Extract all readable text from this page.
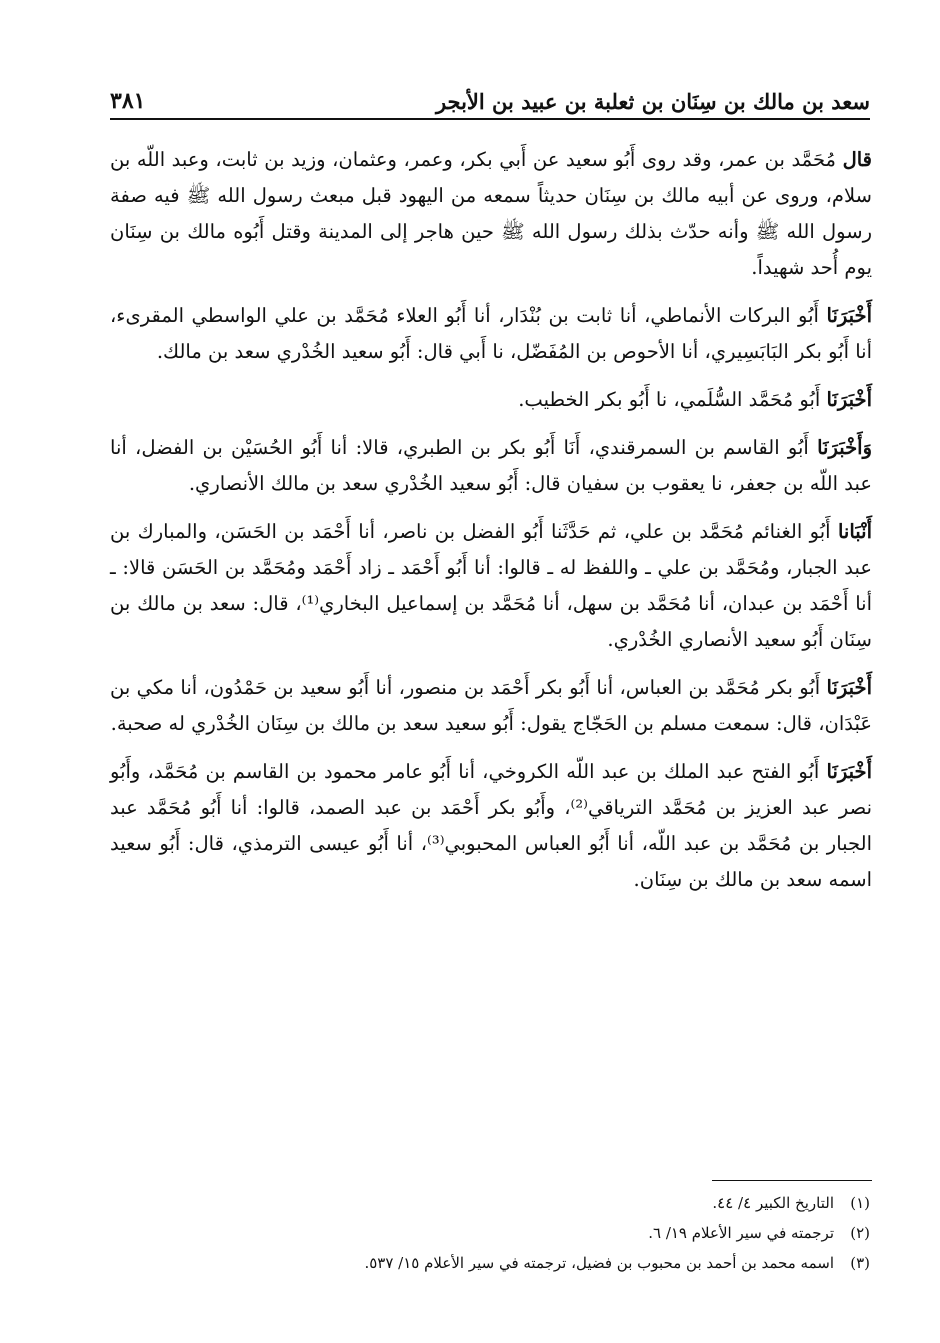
سعد بن مالك بن سِنَان بن ثعلبة بن عبيد بن الأبجر
٣٨١

قال مُحَمَّد بن عمر، وقد روى أَبُو سعيد عن أَبي بكر، وعمر، وعثمان، وزيد بن ثابت، وعبد اللّه بن سلام، وروى عن أبيه مالك بن سِنَان حديثاً سمعه من اليهود قبل مبعث رسول الله ﷺ فيه صفة رسول الله ﷺ وأنه حدّث بذلك رسول الله ﷺ حين هاجر إلى المدينة وقتل أَبُوه مالك بن سِنَان يوم أُحد شهيداً.

أَخْبَرَنَا أَبُو البركات الأنماطي، أنا ثابت بن بُنْدَار، أنا أَبُو العلاء مُحَمَّد بن علي الواسطي المقرىء، أنا أَبُو بكر البَابَسِيري، أنا الأحوص بن المُفَضّل، نا أَبي قال: أَبُو سعيد الخُدْري سعد بن مالك.

أَخْبَرَنَا أَبُو مُحَمَّد السُّلَمي، نا أَبُو بكر الخطيب.

وَأَخْبَرَنَا أَبُو القاسم بن السمرقندي، أَنَا أَبُو بكر بن الطبري، قالا: أنا أَبُو الحُسَيْن بن الفضل، أنا عبد اللّه بن جعفر، نا يعقوب بن سفيان قال: أَبُو سعيد الخُدْري سعد بن مالك الأنصاري.

أَنْبَانا أَبُو الغنائم مُحَمَّد بن علي، ثم حَدَّثَنا أَبُو الفضل بن ناصر، أنا أَحْمَد بن الحَسَن، والمبارك بن عبد الجبار، ومُحَمَّد بن علي ـ واللفظ له ـ قالوا: أنا أَبُو أَحْمَد ـ زاد أَحْمَد ومُحَمَّد بن الحَسَن قالا: ـ أنا أَحْمَد بن عبدان، أنا مُحَمَّد بن سهل، أنا مُحَمَّد بن إسماعيل البخاري⁽¹⁾، قال: سعد بن مالك بن سِنَان أَبُو سعيد الأنصاري الخُدْري.

أَخْبَرَنَا أَبُو بكر مُحَمَّد بن العباس، أنا أَبُو بكر أَحْمَد بن منصور، أنا أَبُو سعيد بن حَمْدُون، أنا مكي بن عَبْدَان، قال: سمعت مسلم بن الحَجّاج يقول: أَبُو سعيد سعد بن مالك بن سِنَان الخُدْري له صحبة.

أَخْبَرَنَا أَبُو الفتح عبد الملك بن عبد اللّه الكروخي، أنا أَبُو عامر محمود بن القاسم بن مُحَمَّد، وأَبُو نصر عبد العزيز بن مُحَمَّد الترياقي⁽²⁾، وأَبُو بكر أَحْمَد بن عبد الصمد، قالوا: أنا أَبُو مُحَمَّد عبد الجبار بن مُحَمَّد بن عبد اللّه، أنا أَبُو العباس المحبوبي⁽³⁾، أنا أَبُو عيسى الترمذي، قال: أَبُو سعيد اسمه سعد بن مالك بن سِنَان.

(١)
التاريخ الكبير ٤/ ٤٤.
(٢)
ترجمته في سير الأعلام ١٩/ ٦.
(٣)
اسمه محمد بن أحمد بن محبوب بن فضيل، ترجمته في سير الأعلام ١٥/ ٥٣٧.
